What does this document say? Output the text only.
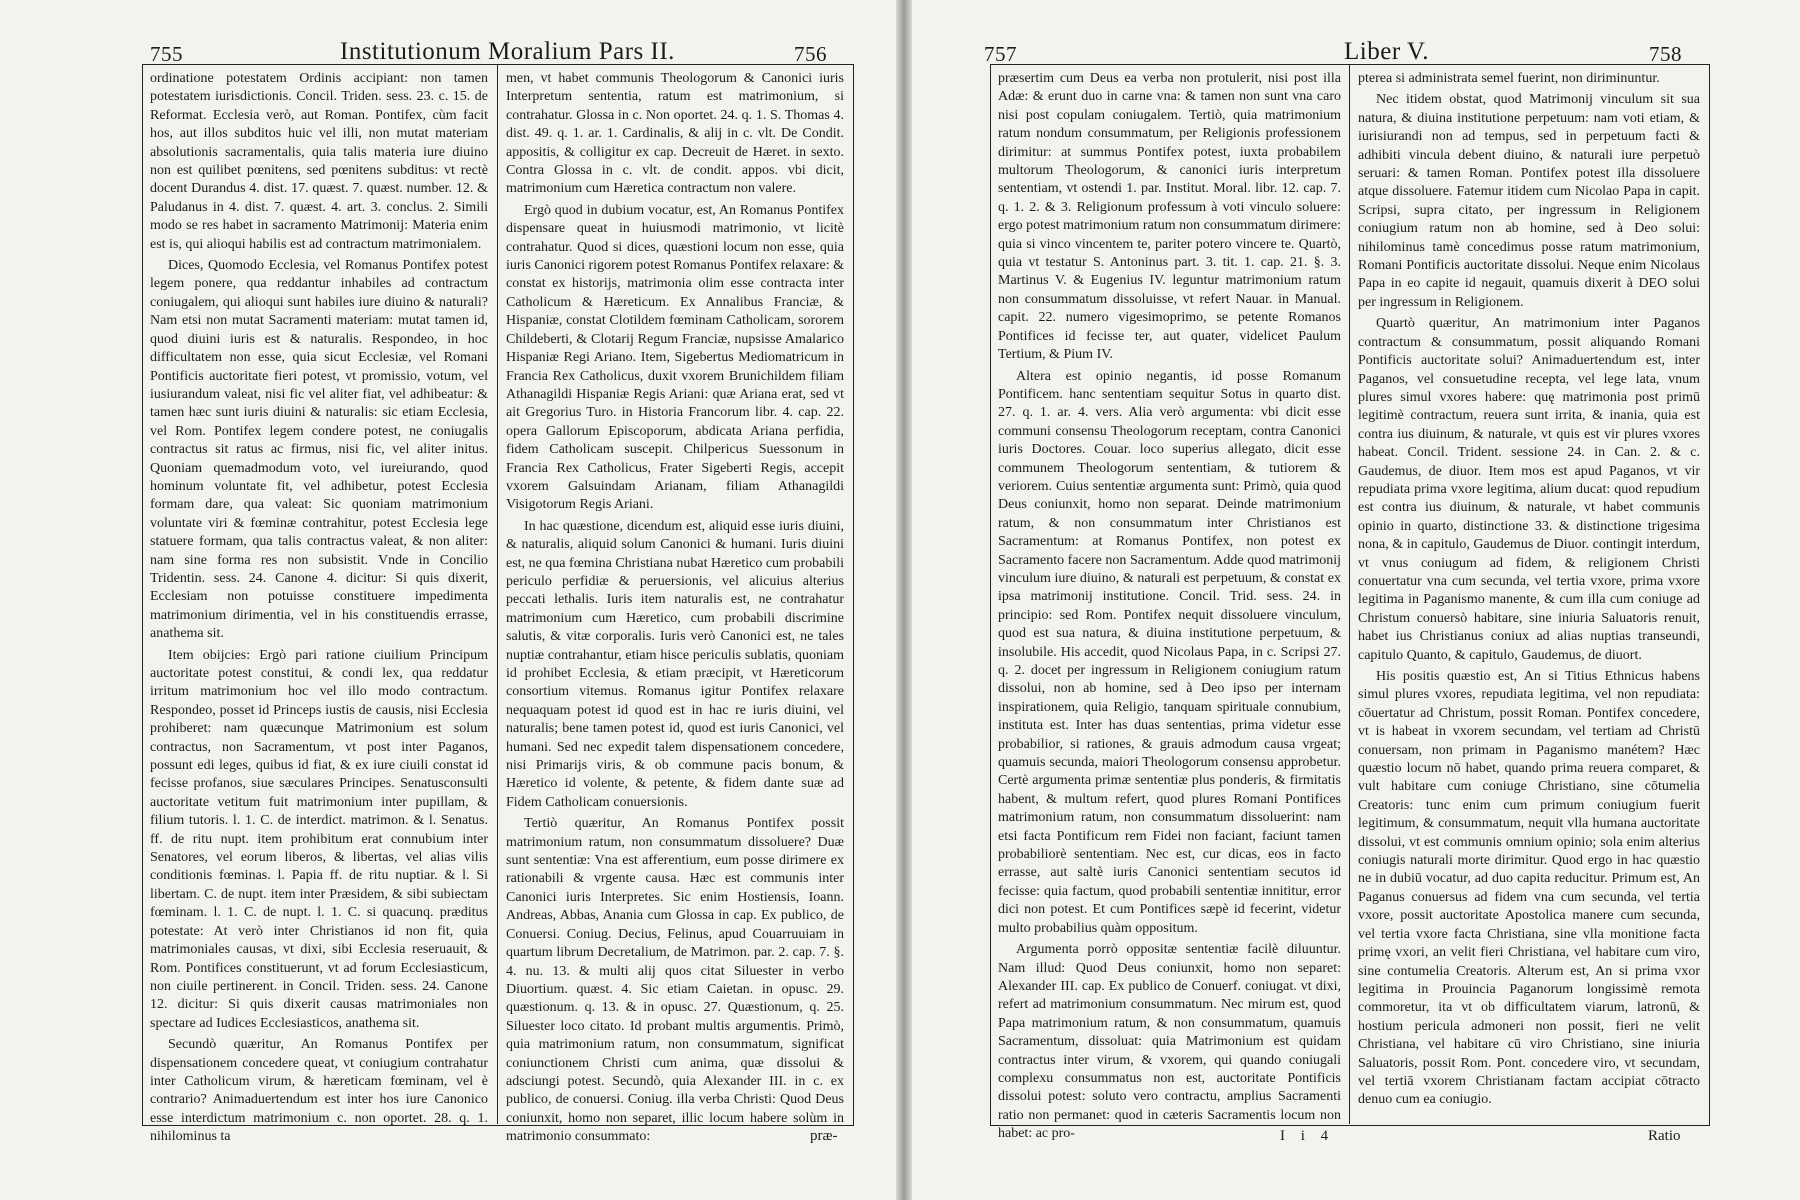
755	Institutionum Moralium Pars II.	756

ordinatione potestatem Ordinis accipiant: non tamen potestatem iurisdictionis. Concil. Triden. sess. 23. c. 15. de Reformat. Ecclesia verò, aut Roman. Pontifex, cùm facit hos, aut illos subditos huic vel illi, non mutat materiam absolutionis sacramentalis, quia talis materia iure diuino non est quilibet pœnitens, sed pœnitens subditus: vt rectè docent Durandus 4. dist. 17. quæst. 7. quæst. number. 12. & Paludanus in 4. dist. 7. quæst. 4. art. 3. conclus. 2. Simili modo se res habet in sacramento Matrimonij: Materia enim est is, qui alioqui habilis est ad contractum matrimonialem.

Dices, Quomodo Ecclesia, vel Romanus Pontifex potest legem ponere, qua reddantur inhabiles ad contractum coniugalem, qui alioqui sunt habiles iure diuino & naturali? Nam etsi non mutat Sacramenti materiam: mutat tamen id, quod diuini iuris est & naturalis. Respondeo, in hoc difficultatem non esse, quia sicut Ecclesiæ, vel Romani Pontificis auctoritate fieri potest, vt promissio, votum, vel iusiurandum valeat, nisi fic vel aliter fiat, vel adhibeatur: & tamen hæc sunt iuris diuini & naturalis: sic etiam Ecclesia, vel Rom. Pontifex legem condere potest, ne coniugalis contractus sit ratus ac firmus, nisi fic, vel aliter initus. Quoniam quemadmodum voto, vel iureiurando, quod hominum voluntate fit, vel adhibetur, potest Ecclesia formam dare, qua valeat: Sic quoniam matrimonium voluntate viri & fœminæ contrahitur, potest Ecclesia lege statuere formam, qua talis contractus valeat, & non aliter: nam sine forma res non subsistit. Vnde in Concilio Tridentin. sess. 24. Canone 4. dicitur: Si quis dixerit, Ecclesiam non potuisse constituere impedimenta matrimonium dirimentia, vel in his constituendis errasse, anathema sit.

Item obijcies: Ergò pari ratione ciuilium Principum auctoritate potest constitui, & condi lex, qua reddatur irritum matrimonium hoc vel illo modo contractum. Respondeo, posset id Princeps iustis de causis, nisi Ecclesia prohiberet: nam quæcunque Matrimonium est solum contractus, non Sacramentum, vt post inter Paganos, possunt edi leges, quibus id fiat, & ex iure ciuili constat id fecisse profanos, siue sæculares Principes. Senatusconsulti auctoritate vetitum fuit matrimonium inter pupillam, & filium tutoris. l. 1. C. de interdict. matrimon. & l. Senatus. ff. de ritu nupt. item prohibitum erat connubium inter Senatores, vel eorum liberos, & libertas, vel alias vilis conditionis fœminas. l. Papia ff. de ritu nuptiar. & l. Si libertam. C. de nupt. item inter Præsidem, & sibi subiectam fœminam. l. 1. C. de nupt. l. 1. C. si quacunq. præditus potestate: At verò inter Christianos id non fit, quia matrimoniales causas, vt dixi, sibi Ecclesia reseruauit, & Rom. Pontifices constituerunt, vt ad forum Ecclesiasticum, non ciuile pertinerent. in Concil. Triden. sess. 24. Canone 12. dicitur: Si quis dixerit causas matrimoniales non spectare ad Iudices Ecclesiasticos, anathema sit.

Secundò quæritur, An Romanus Pontifex per dispensationem concedere queat, vt coniugium contrahatur inter Catholicum virum, & hæreticam fœminam, vel è contrario? Animaduertendum est inter hos iure Canonico esse interdictum matrimonium c. non oportet. 28. q. 1. nihilominus ta

men, vt habet communis Theologorum & Canonici iuris Interpretum sententia, ratum est matrimonium, si contrahatur. Glossa in c. Non oportet. 24. q. 1. S. Thomas 4. dist. 49. q. 1. ar. 1. Cardinalis, & alij in c. vlt. De Condit. appositis, & colligitur ex cap. Decreuit de Hæret. in sexto. Contra Glossa in c. vlt. de condit. appos. vbi dicit, matrimonium cum Hæretica contractum non valere.

Ergò quod in dubium vocatur, est, An Romanus Pontifex dispensare queat in huiusmodi matrimonio, vt licitè contrahatur. Quod si dices, quæstioni locum non esse, quia iuris Canonici rigorem potest Romanus Pontifex relaxare: & constat ex historijs, matrimonia olim esse contracta inter Catholicum & Hæreticum. Ex Annalibus Franciæ, & Hispaniæ, constat Clotildem fœminam Catholicam, sororem Childeberti, & Clotarij Regum Franciæ, nupsisse Amalarico Hispaniæ Regi Ariano. Item, Sigebertus Mediomatricum in Francia Rex Catholicus, duxit vxorem Brunichildem filiam Athanagildi Hispaniæ Regis Ariani: quæ Ariana erat, sed vt ait Gregorius Turo. in Historia Francorum libr. 4. cap. 22. opera Gallorum Episcoporum, abdicata Ariana perfidia, fidem Catholicam suscepit. Chilpericus Suessonum in Francia Rex Catholicus, Frater Sigeberti Regis, accepit vxorem Galsuindam Arianam, filiam Athanagildi Visigotorum Regis Ariani.

In hac quæstione, dicendum est, aliquid esse iuris diuini, & naturalis, aliquid solum Canonici & humani. Iuris diuini est, ne qua fœmina Christiana nubat Hæretico cum probabili periculo perfidiæ & peruersionis, vel alicuius alterius peccati lethalis. Iuris item naturalis est, ne contrahatur matrimonium cum Hæretico, cum probabili discrimine salutis, & vitæ corporalis. Iuris verò Canonici est, ne tales nuptiæ contrahantur, etiam hisce periculis sublatis, quoniam id prohibet Ecclesia, & etiam præcipit, vt Hæreticorum consortium vitemus. Romanus igitur Pontifex relaxare nequaquam potest id quod est in hac re iuris diuini, vel naturalis; bene tamen potest id, quod est iuris Canonici, vel humani. Sed nec expedit talem dispensationem concedere, nisi Primarijs viris, & ob commune pacis bonum, & Hæretico id volente, & petente, & fidem dante suæ ad Fidem Catholicam conuersionis.

Tertiò quæritur, An Romanus Pontifex possit matrimonium ratum, non consummatum dissoluere? Duæ sunt sententiæ: Vna est afferentium, eum posse dirimere ex rationabili & vrgente causa. Hæc est communis inter Canonici iuris Interpretes. Sic enim Hostiensis, Ioann. Andreas, Abbas, Anania cum Glossa in cap. Ex publico, de Conuersi. Coniug. Decius, Felinus, apud Couarruuiam in quartum librum Decretalium, de Matrimon. par. 2. cap. 7. §. 4. nu. 13. & multi alij quos citat Siluester in verbo Diuortium. quæst. 4. Sic etiam Caietan. in opusc. 29. quæstionum. q. 13. & in opusc. 27. Quæstionum, q. 25. Siluester loco citato. Id probant multis argumentis. Primò, quia matrimonium ratum, non consummatum, significat coniunctionem Christi cum anima, quæ dissolui & adsciungi potest. Secundò, quia Alexander III. in c. ex publico, de conuersi. Coniug. illa verba Christi: Quod Deus coniunxit, homo non separet, illic locum habere solùm in matrimonio consummato:	præ-
757	Liber V.	758

præsertim cum Deus ea verba non protulerit, nisi post illa Adæ: & erunt duo in carne vna: & tamen non sunt vna caro nisi post copulam coniugalem. Tertiò, quia matrimonium ratum nondum consummatum, per Religionis professionem dirimitur: at summus Pontifex potest, iuxta probabilem multorum Theologorum, & canonici iuris interpretum sententiam, vt ostendi 1. par. Institut. Moral. libr. 12. cap. 7. q. 1. 2. & 3. Religionum professum à voti vinculo soluere: ergo potest matrimonium ratum non consummatum dirimere: quia si vinco vincentem te, pariter potero vincere te. Quartò, quia vt testatur S. Antoninus part. 3. tit. 1. cap. 21. §. 3. Martinus V. & Eugenius IV. leguntur matrimonium ratum non consummatum dissoluisse, vt refert Nauar. in Manual. capit. 22. numero vigesimoprimo, se petente Romanos Pontifices id fecisse ter, aut quater, videlicet Paulum Tertium, & Pium IV.

Altera est opinio negantis, id posse Romanum Pontificem. hanc sententiam sequitur Sotus in quarto dist. 27. q. 1. ar. 4. vers. Alia verò argumenta: vbi dicit esse communi consensu Theologorum receptam, contra Canonici iuris Doctores. Couar. loco superius allegato, dicit esse communem Theologorum sententiam, & tutiorem & veriorem. Cuius sententiæ argumenta sunt: Primò, quia quod Deus coniunxit, homo non separat. Deinde matrimonium ratum, & non consummatum inter Christianos est Sacramentum: at Romanus Pontifex, non potest ex Sacramento facere non Sacramentum. Adde quod matrimonij vinculum iure diuino, & naturali est perpetuum, & constat ex ipsa matrimonij institutione. Concil. Trid. sess. 24. in principio: sed Rom. Pontifex nequit dissoluere vinculum, quod est sua natura, & diuina institutione perpetuum, & insolubile. His accedit, quod Nicolaus Papa, in c. Scripsi 27. q. 2. docet per ingressum in Religionem coniugium ratum dissolui, non ab homine, sed à Deo ipso per internam inspirationem, quia Religio, tanquam spirituale connubium, instituta est. Inter has duas sententias, prima videtur esse probabilior, si rationes, & grauis admodum causa vrgeat; quamuis secunda, maiori Theologorum consensu approbetur. Certè argumenta primæ sententiæ plus ponderis, & firmitatis habent, & multum refert, quod plures Romani Pontifices matrimonium ratum, non consummatum dissoluerint: nam etsi facta Pontificum rem Fidei non faciant, faciunt tamen probabiliorè sententiam. Nec est, cur dicas, eos in facto errasse, aut saltè iuris Canonici sententiam secutos id fecisse: quia factum, quod probabili sententiæ innititur, error dici non potest. Et cum Pontifices sæpè id fecerint, videtur multo probabilius quàm oppositum.

Argumenta porrò oppositæ sententiæ facilè diluuntur. Nam illud: Quod Deus coniunxit, homo non separet: Alexander III. cap. Ex publico de Conuerf. coniugat. vt dixi, refert ad matrimonium consummatum. Nec mirum est, quod Papa matrimonium ratum, & non consummatum, quamuis Sacramentum, dissoluat: quia Matrimonium est quidam contractus inter virum, & vxorem, qui quando coniugali complexu consummatus non est, auctoritate Pontificis dissolui potest: soluto vero contractu, amplius Sacramenti ratio non permanet: quod in cæteris Sacramentis locum non habet: ac pro-

pterea si administrata semel fuerint, non diriminuntur.

Nec itidem obstat, quod Matrimonij vinculum sit sua natura, & diuina institutione perpetuum: nam voti etiam, & iurisiurandi non ad tempus, sed in perpetuum facti & adhibiti vincula debent diuino, & naturali iure perpetuò seruari: & tamen Roman. Pontifex potest illa dissoluere atque dissoluere. Fatemur itidem cum Nicolao Papa in capit. Scripsi, supra citato, per ingressum in Religionem coniugium ratum non ab homine, sed à Deo solui: nihilominus tamè concedimus posse ratum matrimonium, Romani Pontificis auctoritate dissolui. Neque enim Nicolaus Papa in eo capite id negauit, quamuis dixerit à DEO solui per ingressum in Religionem.

Quartò quæritur, An matrimonium inter Paganos contractum & consummatum, possit aliquando Romani Pontificis auctoritate solui? Animaduertendum est, inter Paganos, vel consuetudine recepta, vel lege lata, vnum plures simul vxores habere: quę matrimonia post primū legitimè contractum, reuera sunt irrita, & inania, quia est contra ius diuinum, & naturale, vt quis est vir plures vxores habeat. Concil. Trident. sessione 24. in Can. 2. & c. Gaudemus, de diuor. Item mos est apud Paganos, vt vir repudiata prima vxore legitima, alium ducat: quod repudium est contra ius diuinum, & naturale, vt habet communis opinio in quarto, distinctione 33. & distinctione trigesima nona, & in capitulo, Gaudemus de Diuor. contingit interdum, vt vnus coniugum ad fidem, & religionem Christi conuertatur vna cum secunda, vel tertia vxore, prima vxore legitima in Paganismo manente, & cum illa cum coniuge ad Christum conuersò habitare, sine iniuria Saluatoris renuit, habet ius Christianus coniux ad alias nuptias transeundi, capitulo Quanto, & capitulo, Gaudemus, de diuort.

His positis quæstio est, An si Titius Ethnicus habens simul plures vxores, repudiata legitima, vel non repudiata: cōuertatur ad Christum, possit Roman. Pontifex concedere, vt is habeat in vxorem secundam, vel tertiam ad Christū conuersam, non primam in Paganismo manétem? Hæc quæstio locum nō habet, quando prima reuera comparet, & vult habitare cum coniuge Christiano, sine cōtumelia Creatoris: tunc enim cum primum coniugium fuerit legitimum, & consummatum, nequit vlla humana auctoritate dissolui, vt est communis omnium opinio; sola enim alterius coniugis naturali morte dirimitur. Quod ergo in hac quæstio ne in dubiū vocatur, ad duo capita reducitur. Primum est, An Paganus conuersus ad fidem vna cum secunda, vel tertia vxore, possit auctoritate Apostolica manere cum secunda, vel tertia vxore facta Christiana, sine vlla monitione facta primę vxori, an velit fieri Christiana, vel habitare cum viro, sine contumelia Creatoris. Alterum est, An si prima vxor legitima in Prouincia Paganorum longissimè remota commoretur, ita vt ob difficultatem viarum, latronū, & hostium pericula admoneri non possit, fieri ne velit Christiana, vel habitare cū viro Christiano, sine iniuria Saluatoris, possit Rom. Pont. concedere viro, vt secundam, vel tertiā vxorem Christianam factam accipiat cōtracto denuo cum ea coniugio.

I i 4	Ratio
